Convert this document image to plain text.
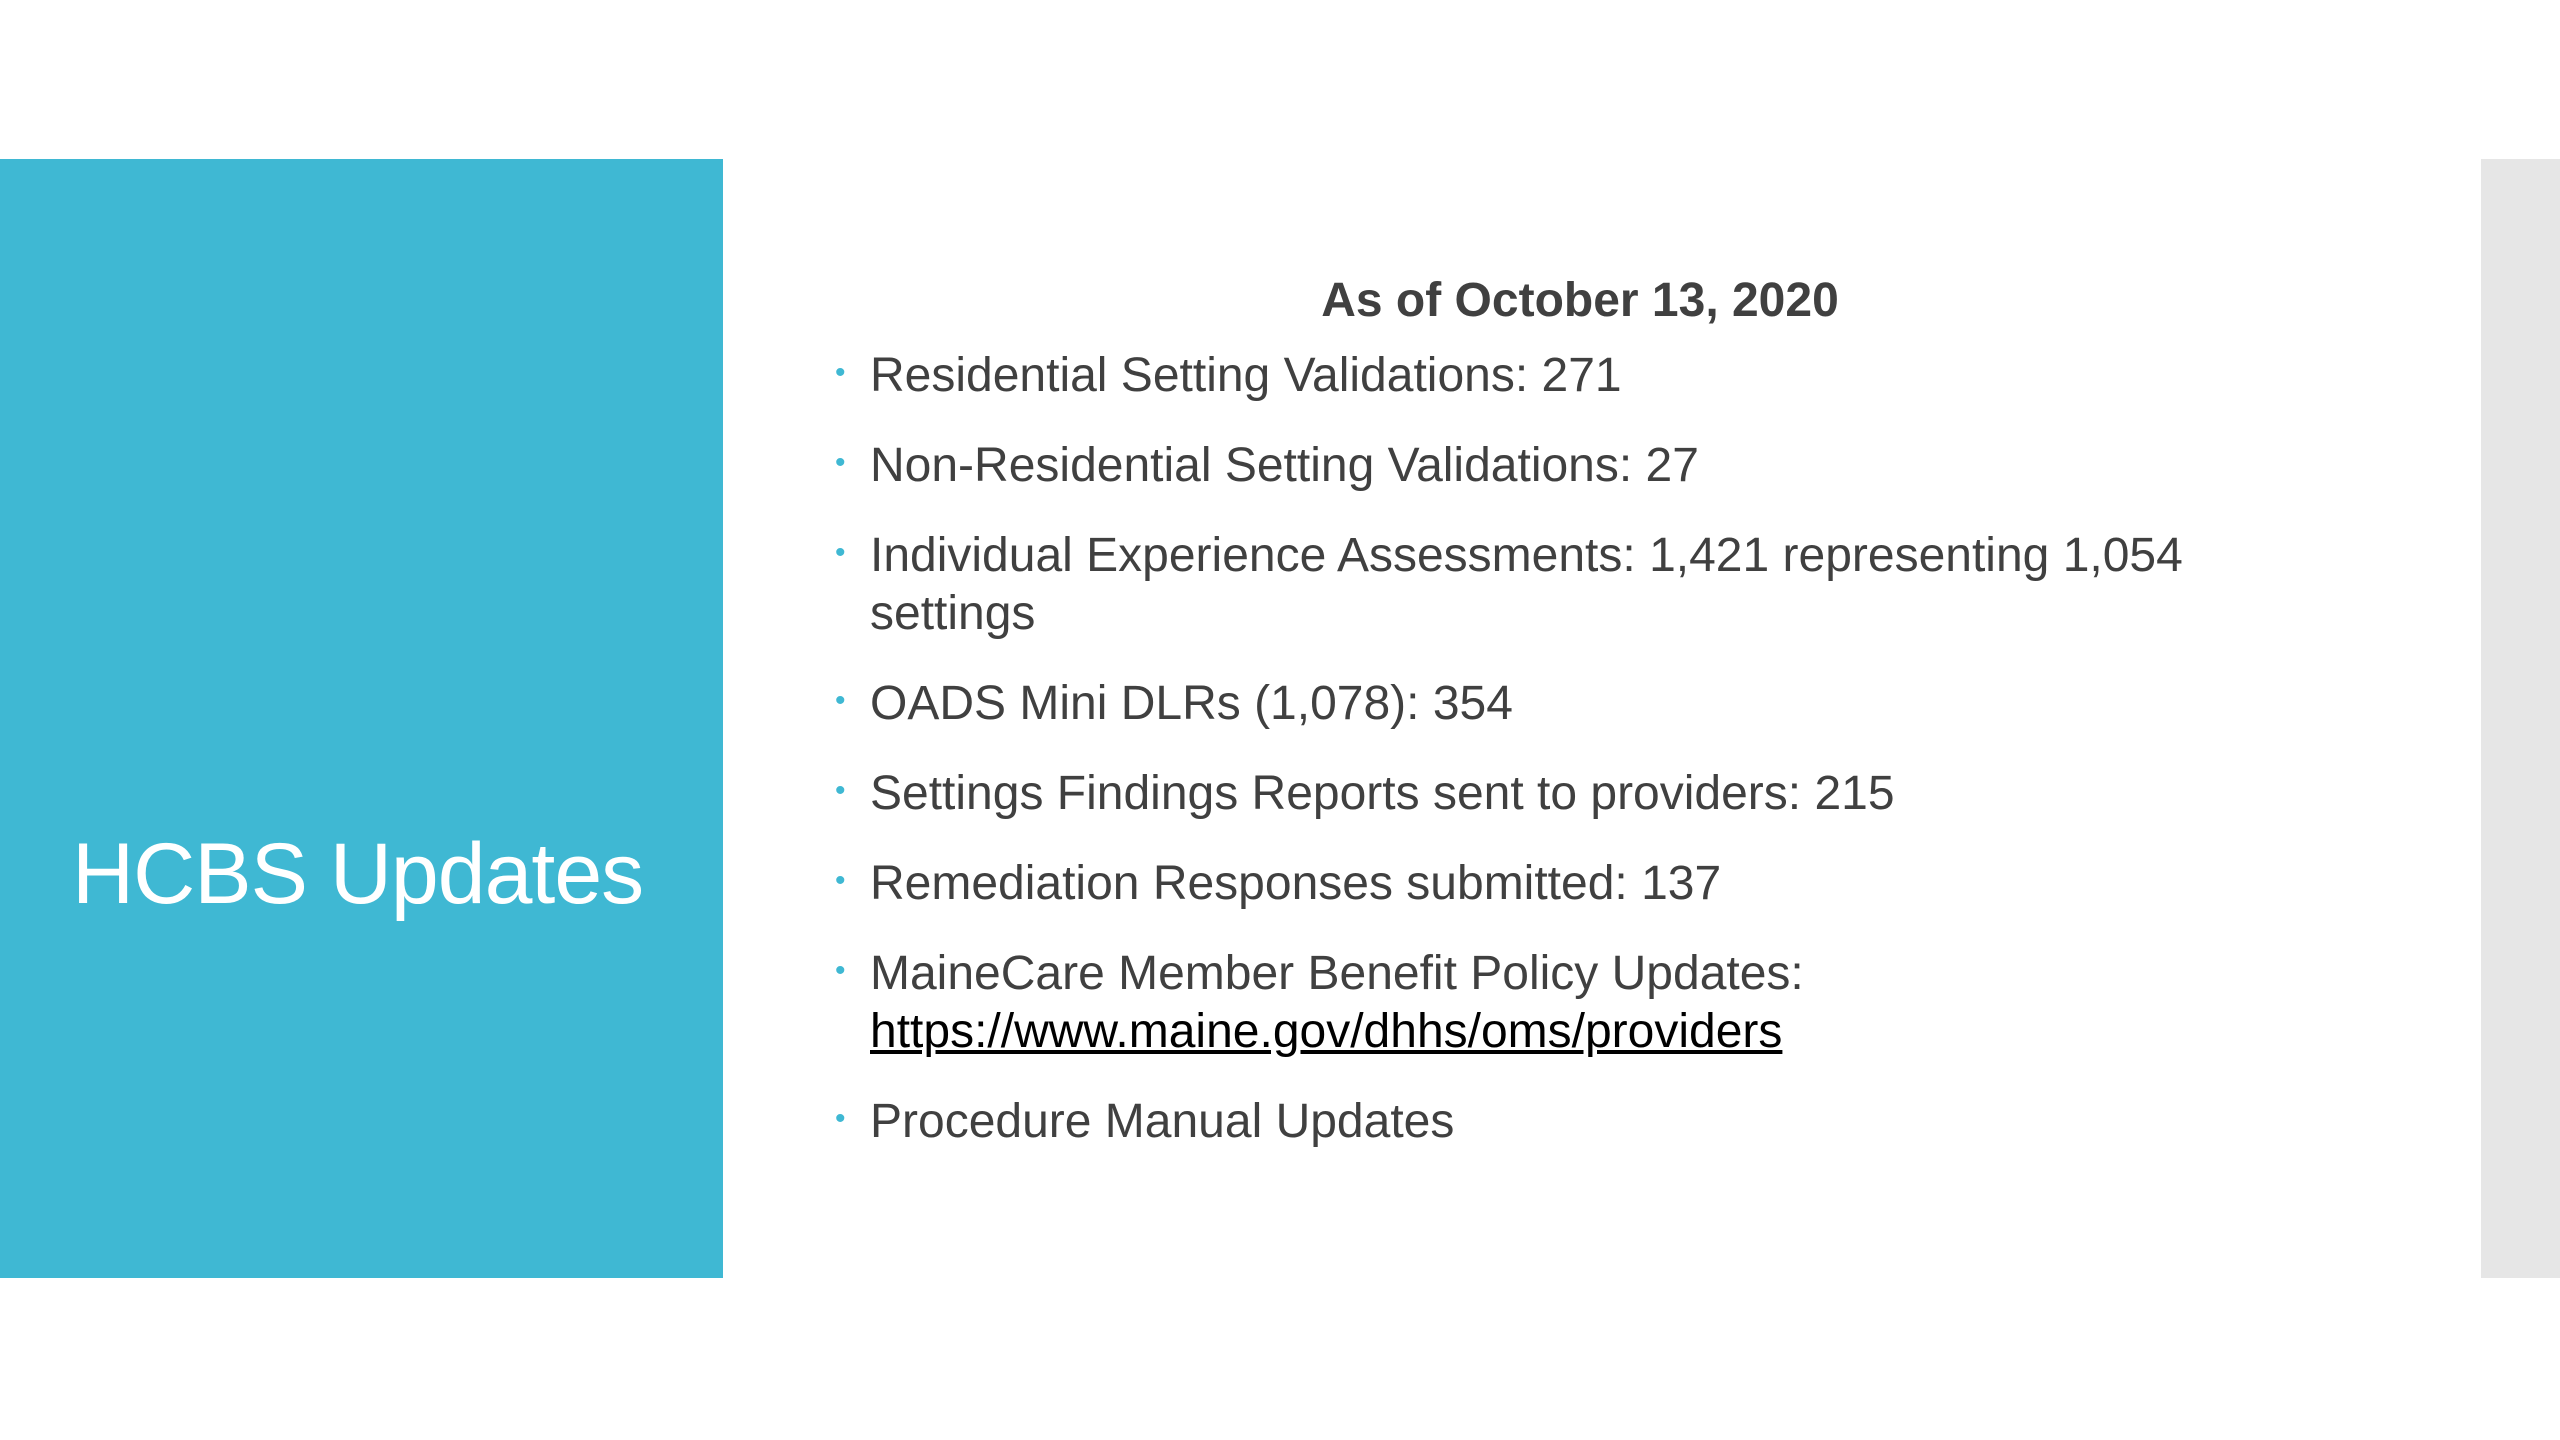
HCBS Updates
As of October 13, 2020
• Residential Setting Validations: 271
• Non-Residential Setting Validations: 27
• Individual Experience Assessments: 1,421 representing 1,054 settings
• OADS Mini DLRs (1,078): 354
• Settings Findings Reports sent to providers: 215
• Remediation Responses submitted: 137
• MaineCare Member Benefit Policy Updates:
https://www.maine.gov/dhhs/oms/providers
• Procedure Manual Updates
